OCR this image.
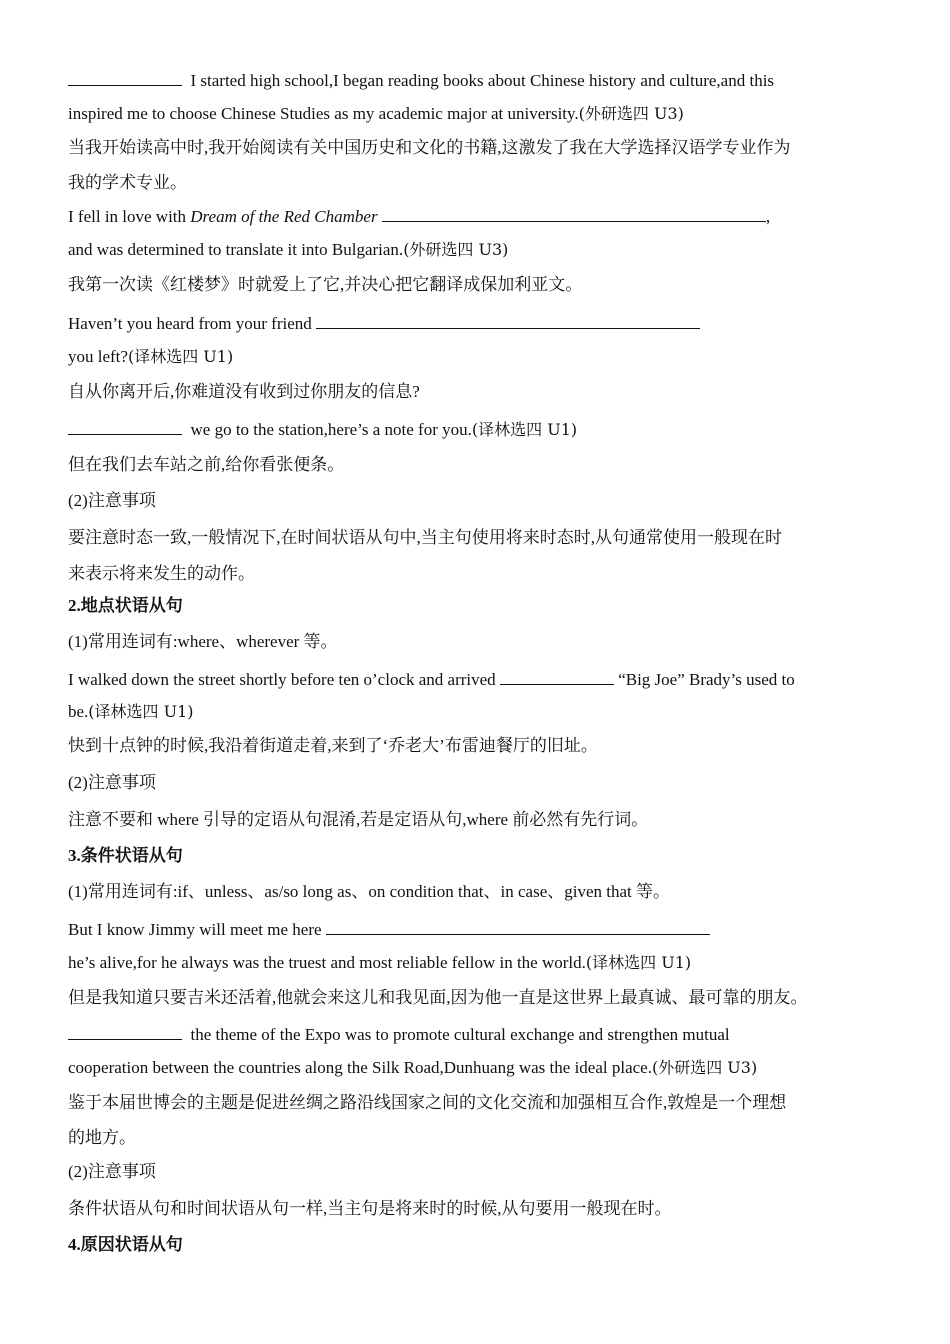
I started high school,I began reading books about Chinese history and culture,and this
inspired me to choose Chinese Studies as my academic major at university.(外研选四 U3)
当我开始读高中时,我开始阅读有关中国历史和文化的书籍,这激发了我在大学选择汉语学专业作为
我的学术专业。
I fell in love with Dream of the Red Chamber	,
and was determined to translate it into Bulgarian.(外研选四 U3)
我第一次读《红楼梦》时就爱上了它,并决心把它翻译成保加利亚文。
Haven’t you heard from your friend
you left?(译林选四 U1)
自从你离开后,你难道没有收到过你朋友的信息?
we go to the station,here’s a note for you.(译林选四 U1)
但在我们去车站之前,给你看张便条。
(2)注意事项
要注意时态一致,一般情况下,在时间状语从句中,当主句使用将来时态时,从句通常使用一般现在时
来表示将来发生的动作。
2.地点状语从句
(1)常用连词有:where、wherever 等。
I walked down the street shortly before ten o’clock and arrived	“Big Joe” Brady’s used to
be.(译林选四 U1)
快到十点钟的时候,我沿着街道走着,来到了‘乔老大’布雷迪餐厅的旧址。
(2)注意事项
注意不要和 where 引导的定语从句混淆,若是定语从句,where 前必然有先行词。
3.条件状语从句
(1)常用连词有:if、unless、as/so long as、on condition that、in case、given that 等。
But I know Jimmy will meet me here
he’s alive,for he always was the truest and most reliable fellow in the world.(译林选四 U1)
但是我知道只要吉米还活着,他就会来这儿和我见面,因为他一直是这世界上最真诚、最可靠的朋友。
the theme of the Expo was to promote cultural exchange and strengthen mutual
cooperation between the countries along the Silk Road,Dunhuang was the ideal place.(外研选四 U3)
鉴于本届世博会的主题是促进丝绸之路沿线国家之间的文化交流和加强相互合作,敦煌是一个理想
的地方。
(2)注意事项
条件状语从句和时间状语从句一样,当主句是将来时的时候,从句要用一般现在时。
4.原因状语从句
